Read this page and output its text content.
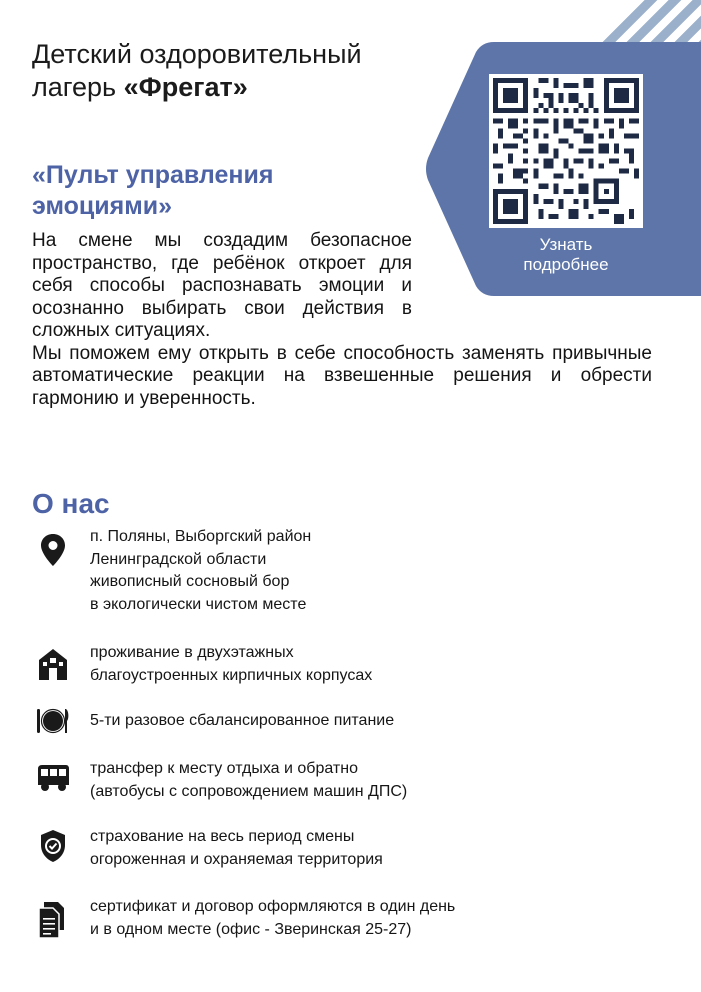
Узнать
подробнее
Детский оздоровительный
лагерь «Фрегат»
«Пульт управления
эмоциями»

На смене мы создадим безопасное пространство, где ребёнок откроет для себя способы распознавать эмоции и осознанно выбирать свои действия в сложных ситуациях.

Мы поможем ему открыть в себе способность заменять привычные автоматические реакции на взвешенные решения и обрести гармонию и уверенность.

О нас
п. Поляны, Выборгский район
Ленинградской области
живописный сосновый бор
в экологически чистом месте
проживание в двухэтажных
благоустроенных кирпичных корпусах
5-ти разовое сбалансированное питание
трансфер к месту отдыха и обратно
(автобусы с сопровождением машин ДПС)
страхование на весь период смены
огороженная и охраняемая территория
сертификат и договор оформляются в один день
и в одном месте (офис - Зверинская 25-27)
